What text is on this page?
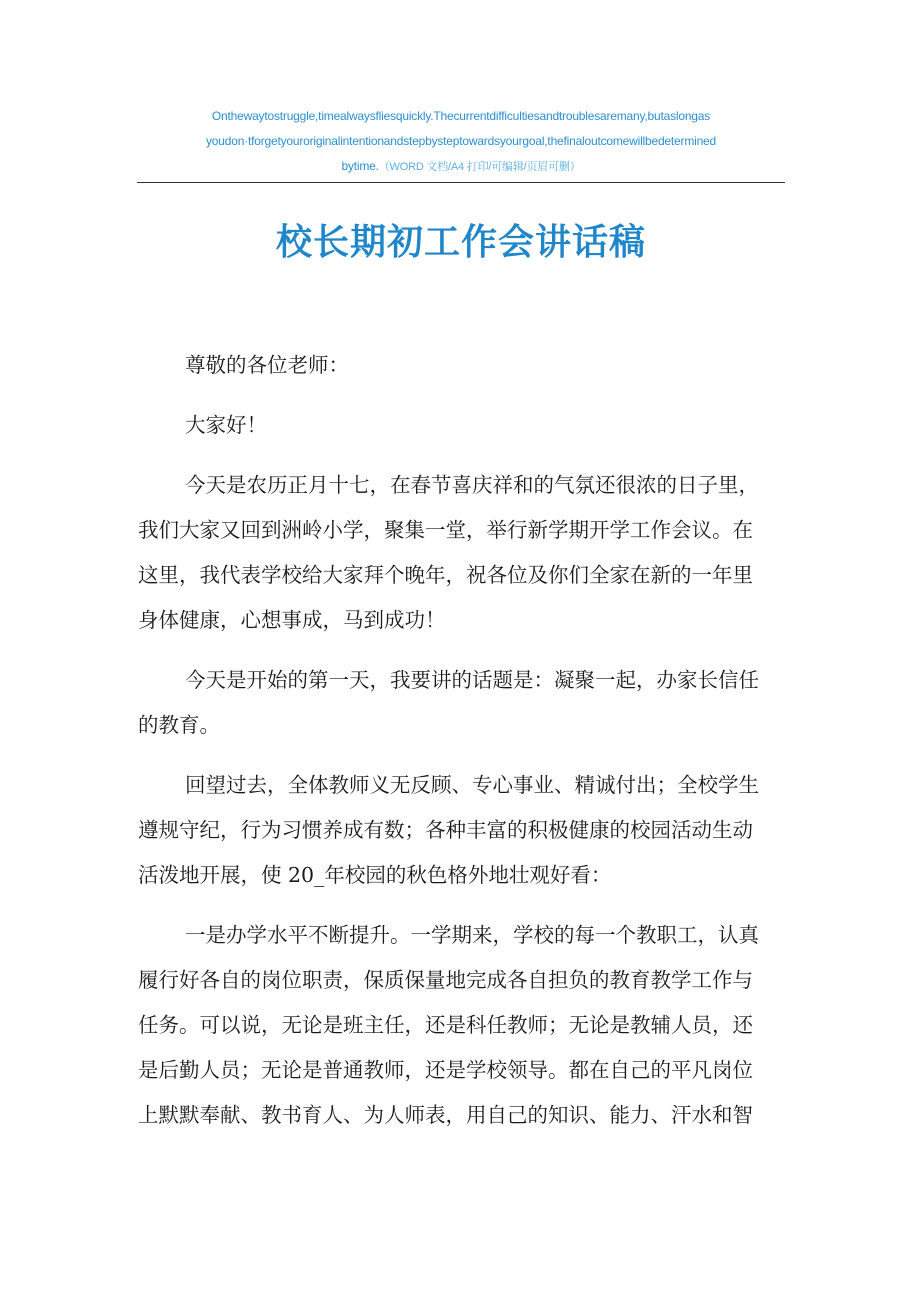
Onthewaytostruggle,timealwaysfliesquickly.Thecurrentdifficultiesandtroublesaremany,butaslongas
youdon·tforgetyouroriginalintentionandstepbysteptowardsyourgoal,thefinaloutcomewillbedetermined
bytime.（WORD 文档/A4 打印/可编辑/页眉可删）
校长期初工作会讲话稿

尊敬的各位老师：

大家好！

今天是农历正月十七，在春节喜庆祥和的气氛还很浓的日子里，
我们大家又回到洲岭小学，聚集一堂，举行新学期开学工作会议。在
这里，我代表学校给大家拜个晚年，祝各位及你们全家在新的一年里
身体健康，心想事成，马到成功！

今天是开始的第一天，我要讲的话题是：凝聚一起，办家长信任
的教育。

回望过去，全体教师义无反顾、专心事业、精诚付出；全校学生
遵规守纪，行为习惯养成有数；各种丰富的积极健康的校园活动生动
活泼地开展，使 20_年校园的秋色格外地壮观好看：

一是办学水平不断提升。一学期来，学校的每一个教职工，认真
履行好各自的岗位职责，保质保量地完成各自担负的教育教学工作与
任务。可以说，无论是班主任，还是科任教师；无论是教辅人员，还
是后勤人员；无论是普通教师，还是学校领导。都在自己的平凡岗位
上默默奉献、教书育人、为人师表，用自己的知识、能力、汗水和智
